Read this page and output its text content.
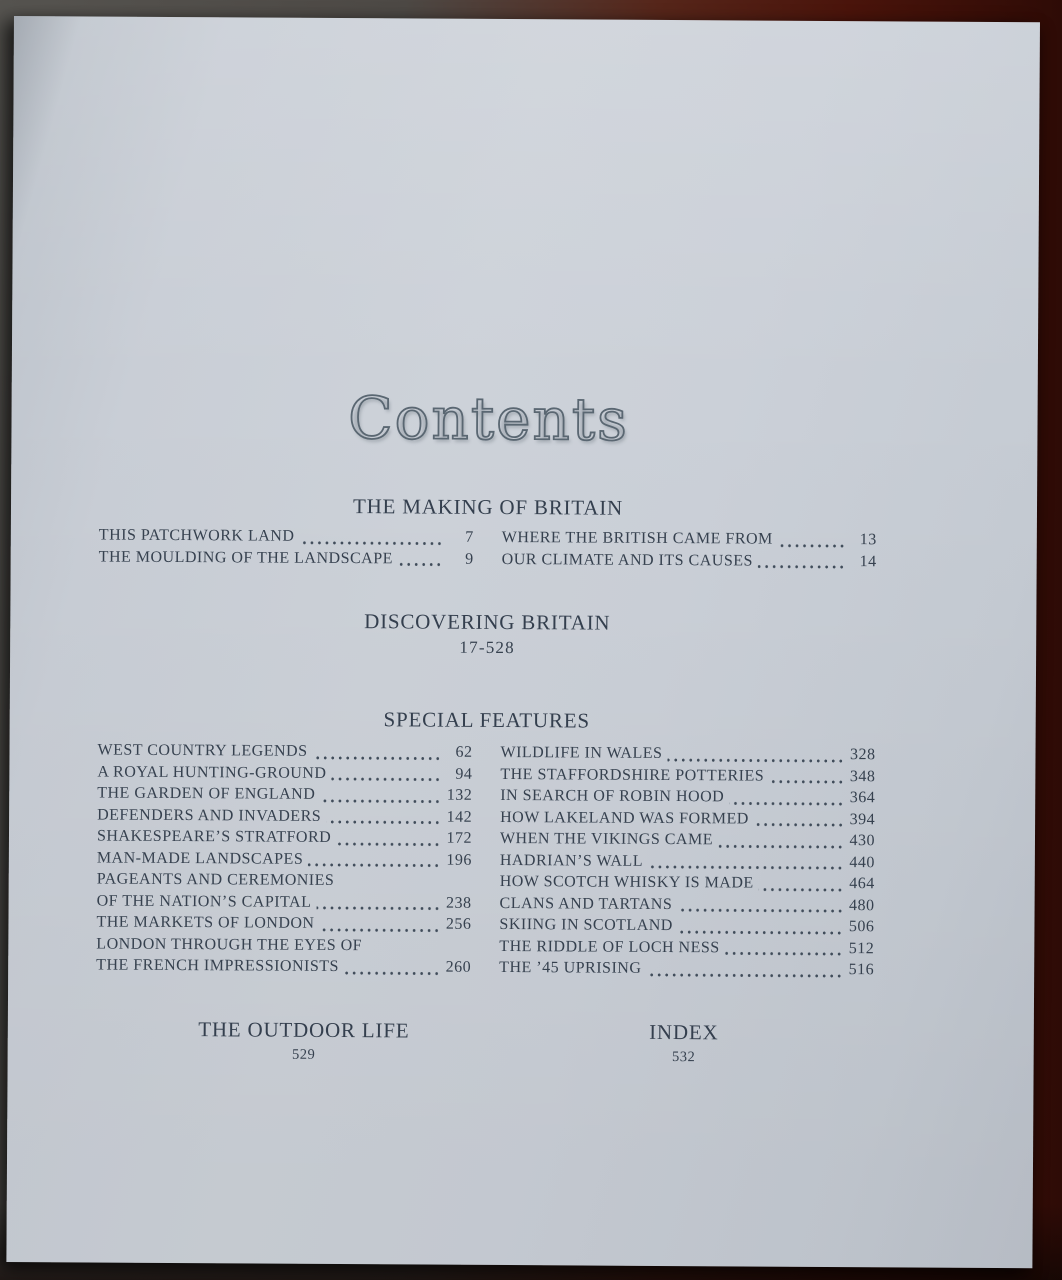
Contents
THE MAKING OF BRITAIN
THIS PATCHWORK LAND	7
THE MOULDING OF THE LANDSCAPE	9
WHERE THE BRITISH CAME FROM	13
OUR CLIMATE AND ITS CAUSES	14
DISCOVERING BRITAIN
17-528
SPECIAL FEATURES
WEST COUNTRY LEGENDS	62
A ROYAL HUNTING-GROUND	94
THE GARDEN OF ENGLAND	132
DEFENDERS AND INVADERS	142
SHAKESPEARE’S STRATFORD	172
MAN-MADE LANDSCAPES	196
PAGEANTS AND CEREMONIES
OF THE NATION’S CAPITAL	238
THE MARKETS OF LONDON	256
LONDON THROUGH THE EYES OF
THE FRENCH IMPRESSIONISTS	260
WILDLIFE IN WALES	328
THE STAFFORDSHIRE POTTERIES	348
IN SEARCH OF ROBIN HOOD	364
HOW LAKELAND WAS FORMED	394
WHEN THE VIKINGS CAME	430
HADRIAN’S WALL	440
HOW SCOTCH WHISKY IS MADE	464
CLANS AND TARTANS	480
SKIING IN SCOTLAND	506
THE RIDDLE OF LOCH NESS	512
THE ’45 UPRISING	516
THE OUTDOOR LIFE
529
INDEX
532
